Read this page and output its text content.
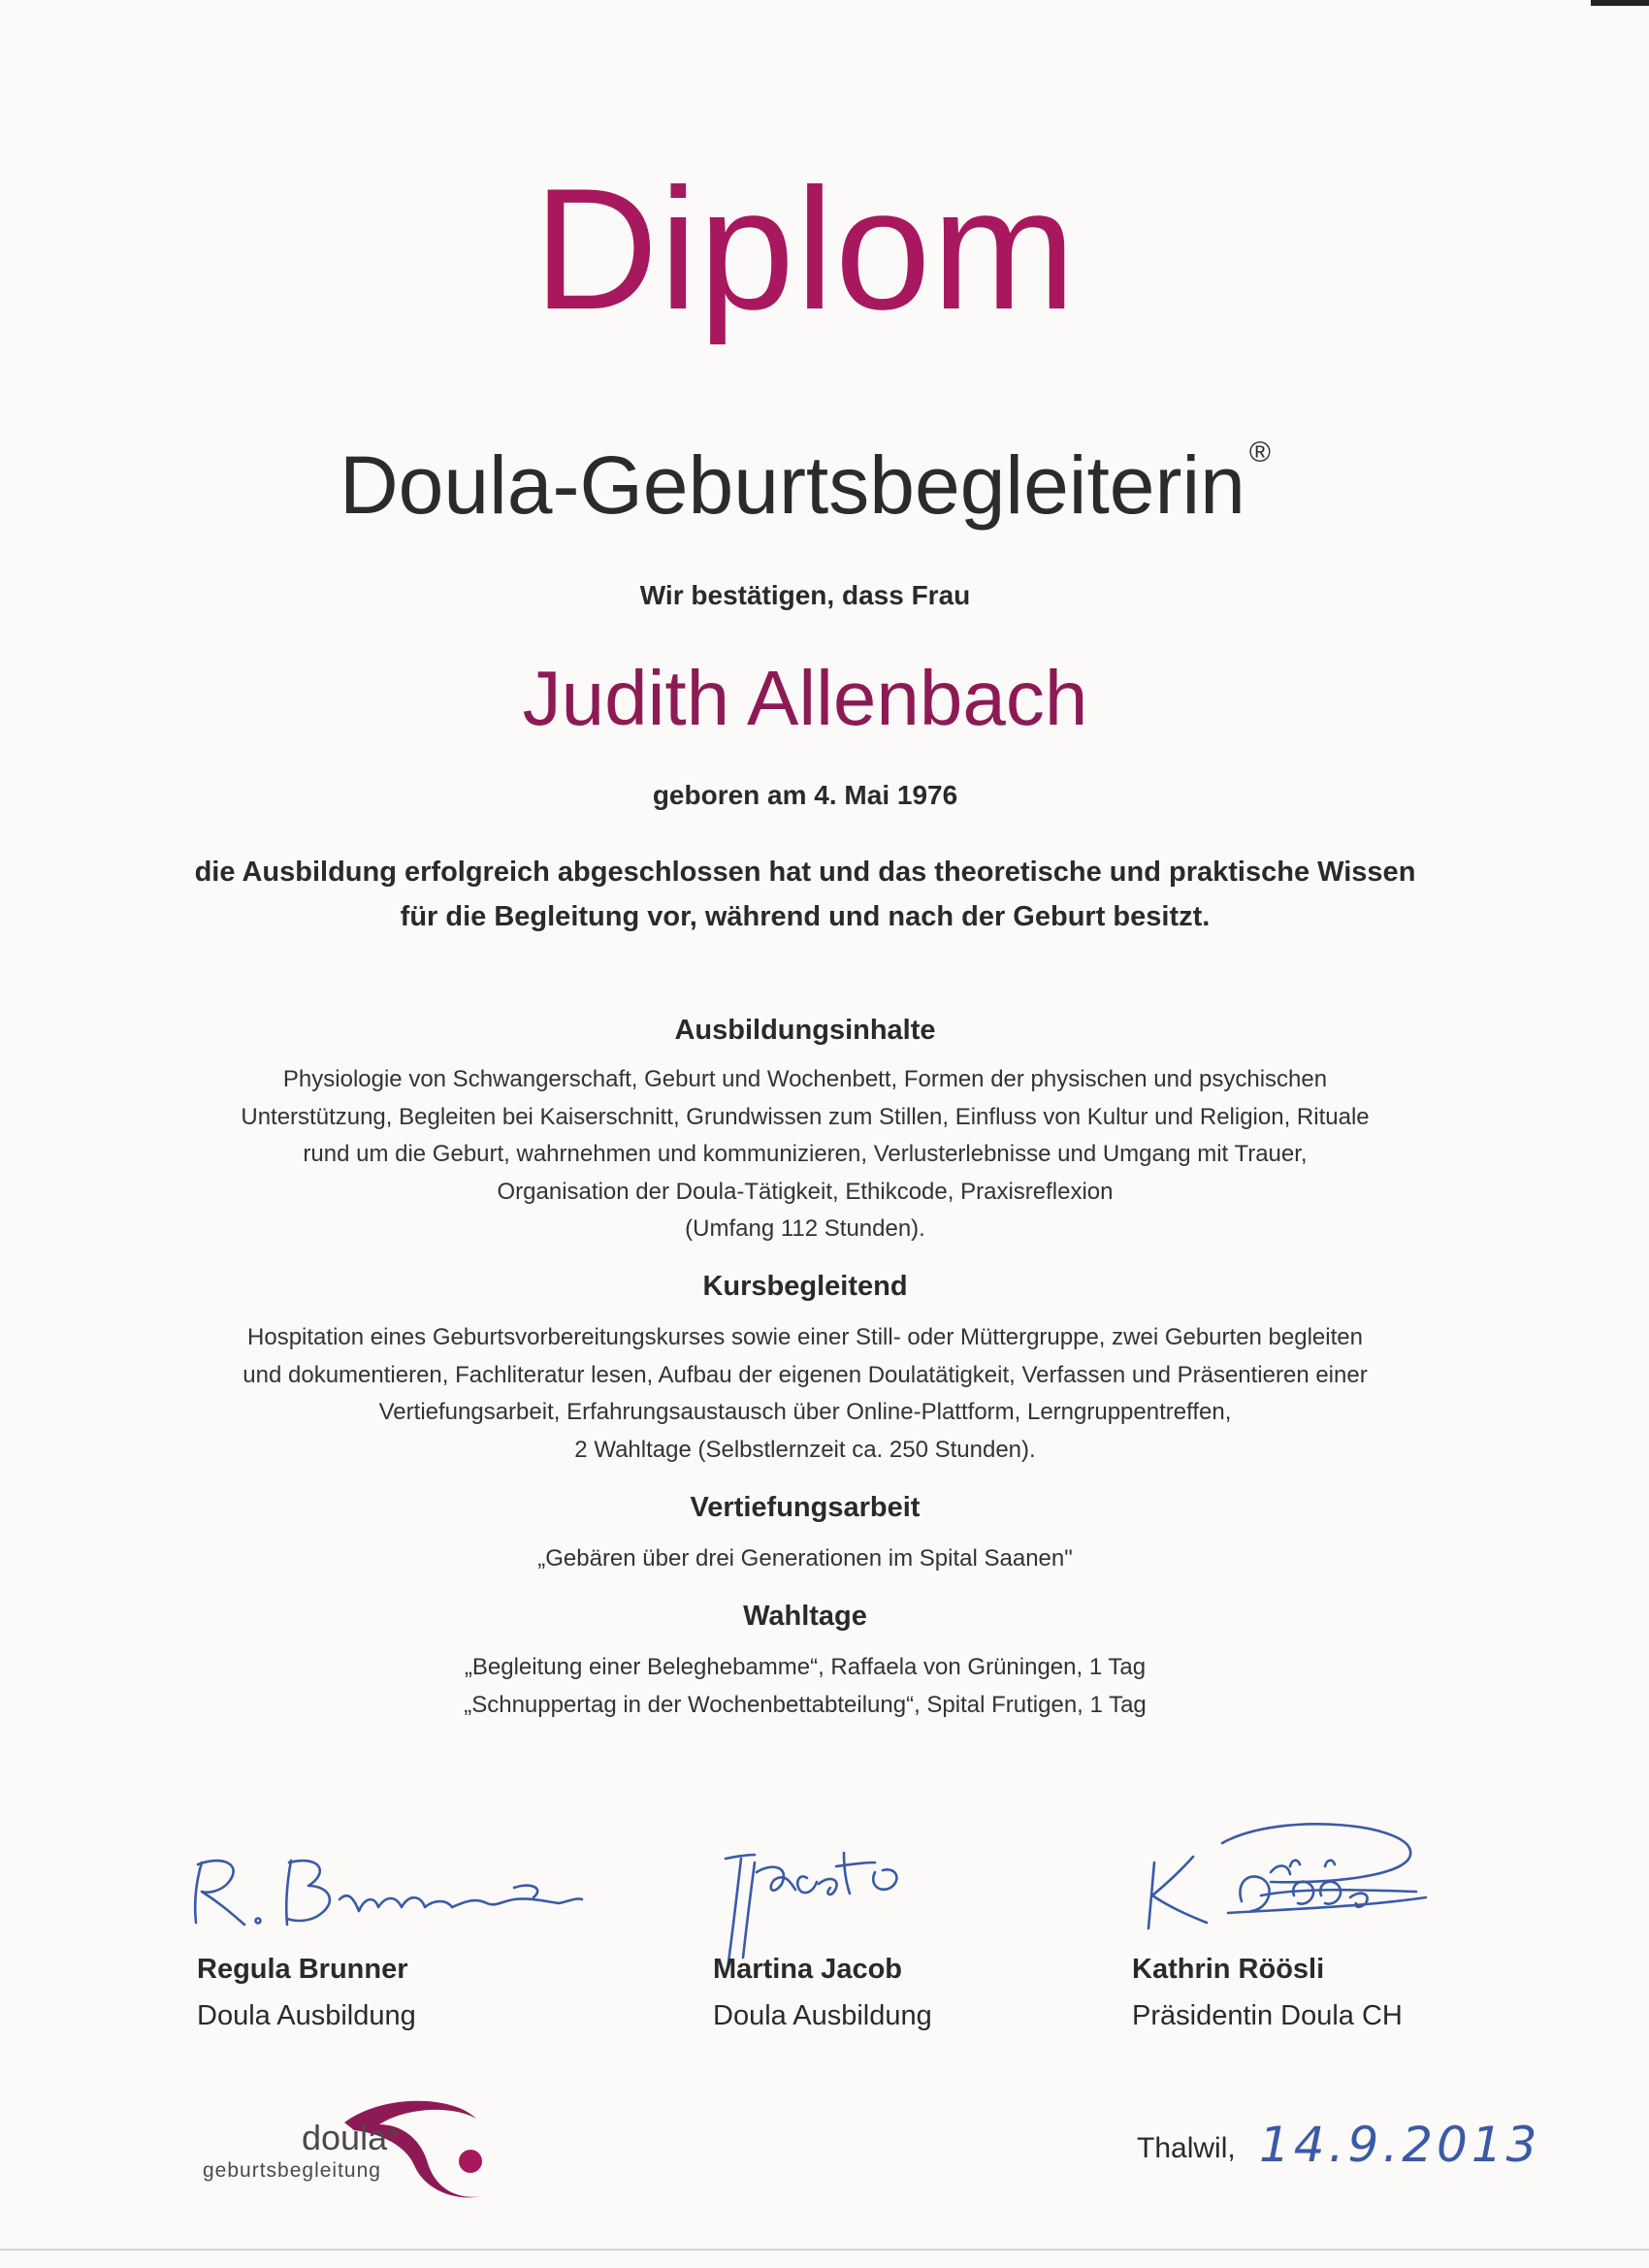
Diplom
Doula-Geburtsbegleiterin ®
Wir bestätigen, dass Frau
Judith Allenbach
geboren am 4. Mai 1976
die Ausbildung erfolgreich abgeschlossen hat und das theoretische und praktische Wissen
für die Begleitung vor, während und nach der Geburt besitzt.
Ausbildungsinhalte
Physiologie von Schwangerschaft, Geburt und Wochenbett, Formen der physischen und psychischen
Unterstützung, Begleiten bei Kaiserschnitt, Grundwissen zum Stillen, Einfluss von Kultur und Religion, Rituale
rund um die Geburt, wahrnehmen und kommunizieren, Verlusterlebnisse und Umgang mit Trauer,
Organisation der Doula-Tätigkeit, Ethikcode, Praxisreflexion
(Umfang 112 Stunden).
Kursbegleitend
Hospitation eines Geburtsvorbereitungskurses sowie einer Still- oder Müttergruppe, zwei Geburten begleiten
und dokumentieren, Fachliteratur lesen, Aufbau der eigenen Doulatätigkeit, Verfassen und Präsentieren einer
Vertiefungsarbeit, Erfahrungsaustausch über Online-Plattform, Lerngruppentreffen,
2 Wahltage (Selbstlernzeit ca. 250 Stunden).
Vertiefungsarbeit
„Gebären über drei Generationen im Spital Saanen"
Wahltage
„Begleitung einer Beleghebamme“, Raffaela von Grüningen, 1 Tag
„Schnuppertag in der Wochenbettabteilung“, Spital Frutigen, 1 Tag
Regula Brunner
Doula Ausbildung
Martina Jacob
Doula Ausbildung
Kathrin Röösli
Präsidentin Doula CH
doula®
geburtsbegleitung
Thalwil, 14.9.2013
